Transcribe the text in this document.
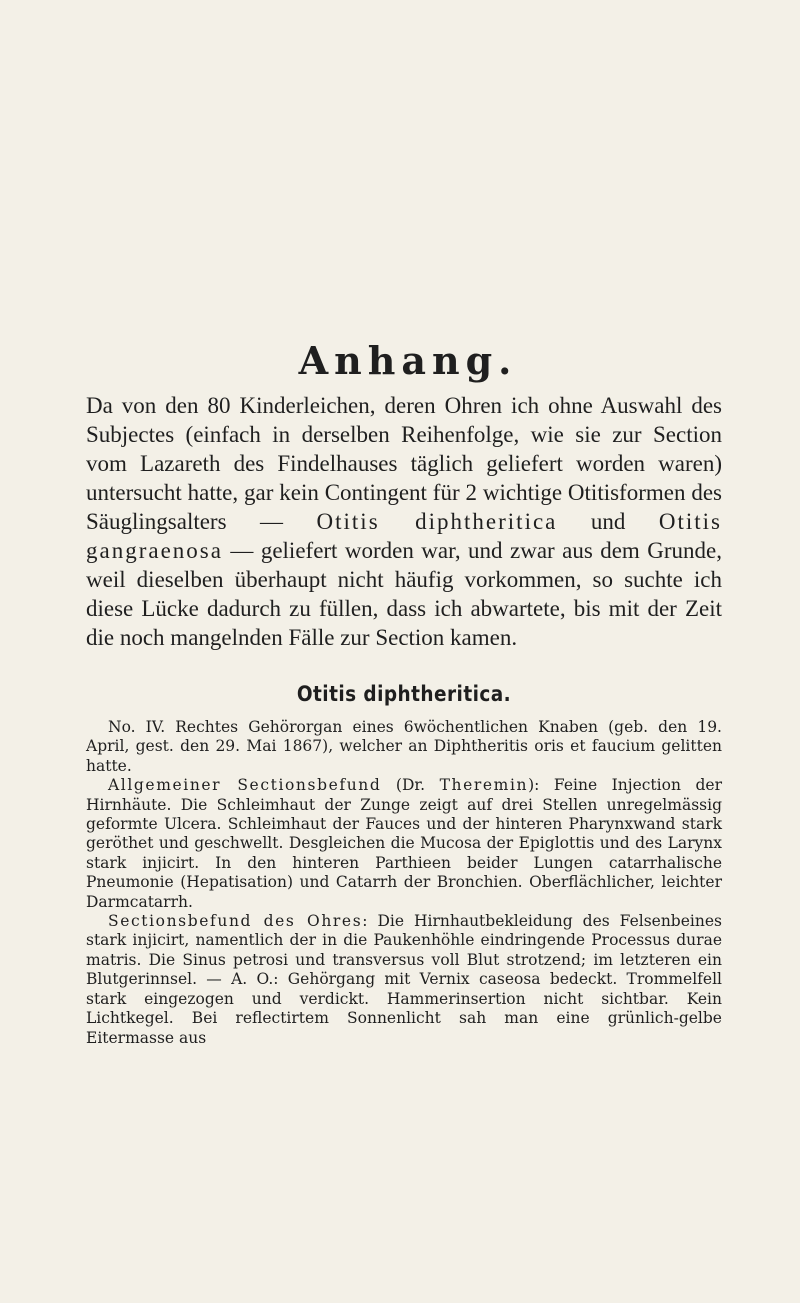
Anhang.

Da von den 80 Kinderleichen, deren Ohren ich ohne Auswahl des Subjectes (einfach in derselben Reihenfolge, wie sie zur Section vom Lazareth des Findelhauses täglich geliefert worden waren) untersucht hatte, gar kein Contingent für 2 wichtige Otitisformen des Säuglingsalters — Otitis diphtheritica und Otitis gangraenosa — geliefert worden war, und zwar aus dem Grunde, weil dieselben überhaupt nicht häufig vorkommen, so suchte ich diese Lücke dadurch zu füllen, dass ich abwartete, bis mit der Zeit die noch mangelnden Fälle zur Section kamen.

Otitis diphtheritica.

No. IV. Rechtes Gehörorgan eines 6wöchentlichen Knaben (geb. den 19. April, gest. den 29. Mai 1867), welcher an Diphtheritis oris et faucium gelitten hatte.

Allgemeiner Sectionsbefund (Dr. Theremin): Feine Injection der Hirnhäute. Die Schleimhaut der Zunge zeigt auf drei Stellen unregelmässig geformte Ulcera. Schleimhaut der Fauces und der hinteren Pharynxwand stark geröthet und geschwellt. Desgleichen die Mucosa der Epiglottis und des Larynx stark injicirt. In den hinteren Parthieen beider Lungen catarrhalische Pneumonie (Hepatisation) und Catarrh der Bronchien. Oberflächlicher, leichter Darmcatarrh.

Sectionsbefund des Ohres: Die Hirnhautbekleidung des Felsenbeines stark injicirt, namentlich der in die Paukenhöhle eindringende Processus durae matris. Die Sinus petrosi und transversus voll Blut strotzend; im letzteren ein Blutgerinnsel. — A. O.: Gehörgang mit Vernix caseosa bedeckt. Trommelfell stark eingezogen und verdickt. Hammerinsertion nicht sichtbar. Kein Lichtkegel. Bei reflectirtem Sonnenlicht sah man eine grünlich-gelbe Eitermasse aus
